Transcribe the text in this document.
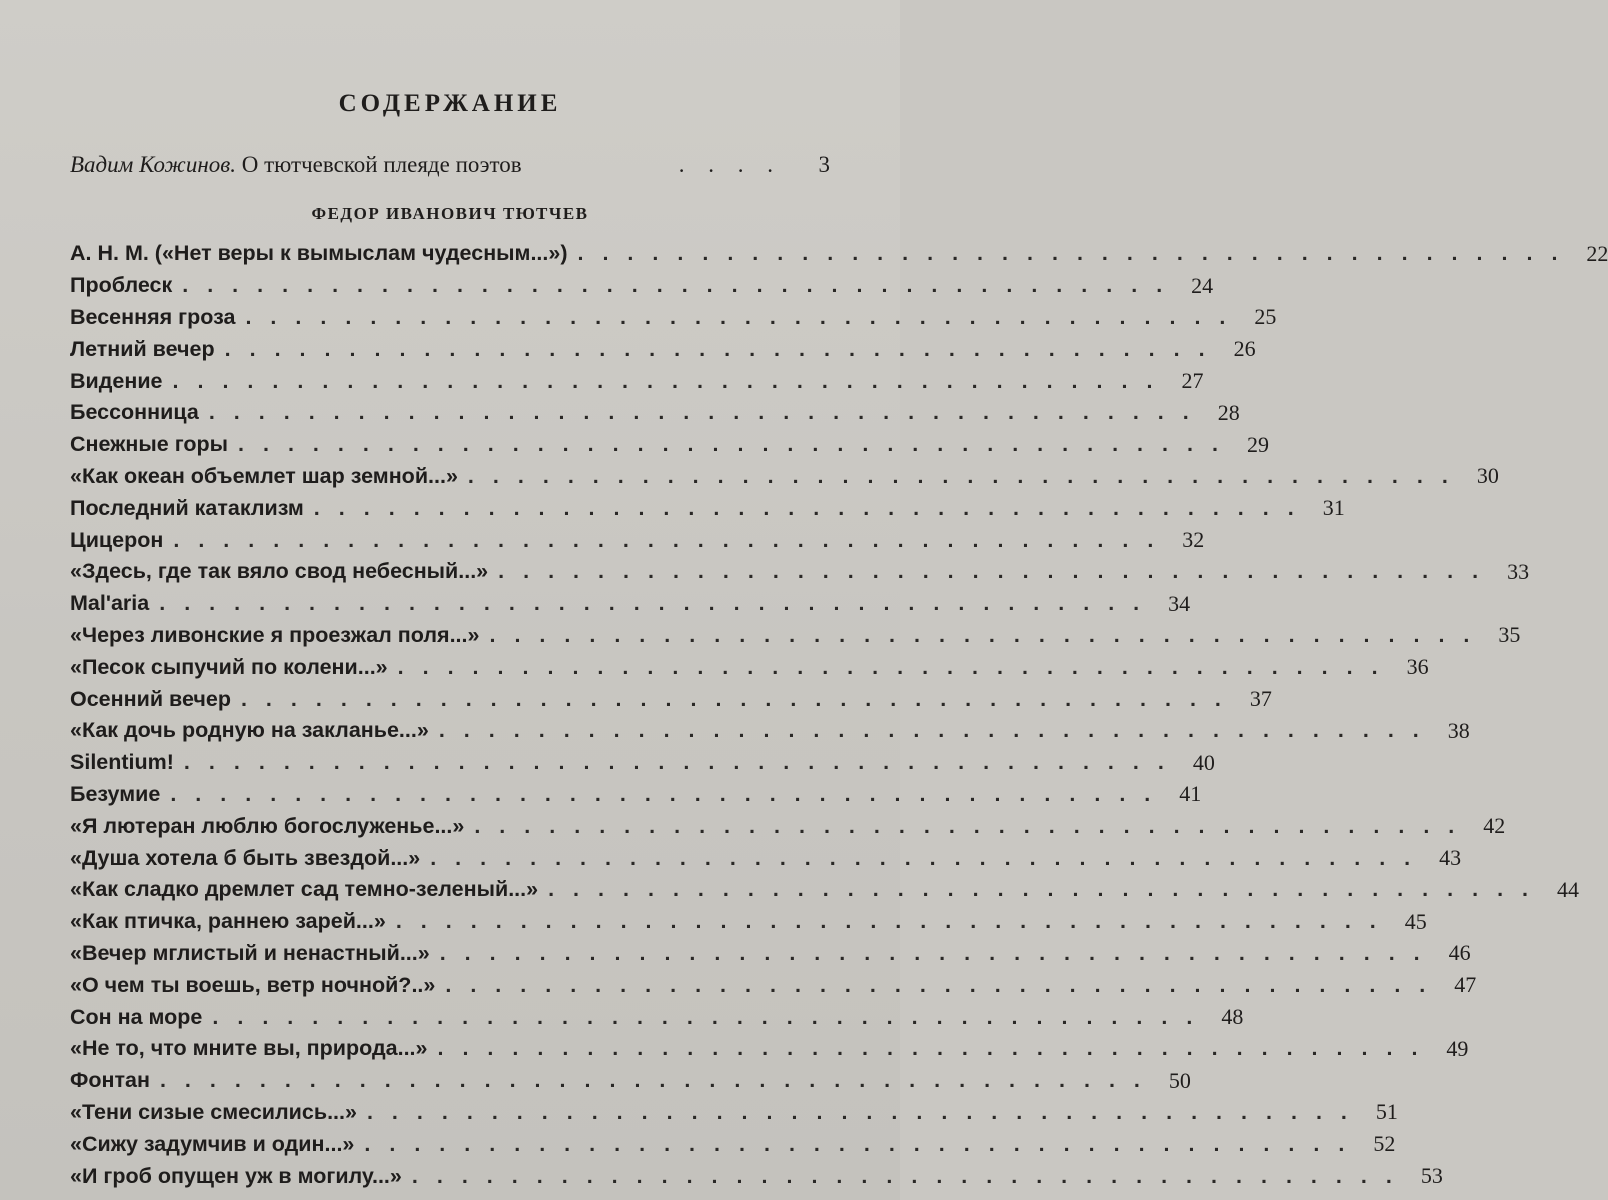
СОДЕРЖАНИЕ
Вадим Кожинов.
О тютчевской плеяде поэтов	. . . .	3
ФЕДОР ИВАНОВИЧ ТЮТЧЕВ
А. Н. М. («Нет веры к вымыслам чудесным...») ........................................ 22
Проблеск ........................................ 24
Весенняя гроза ........................................ 25
Летний вечер ........................................ 26
Видение ........................................ 27
Бессонница ........................................ 28
Снежные горы ........................................ 29
«Как океан объемлет шар земной...» ........................................ 30
Последний катаклизм ........................................ 31
Цицерон ........................................ 32
«Здесь, где так вяло свод небесный...» ........................................ 33
Mal'aria ........................................ 34
«Через ливонские я проезжал поля...» ........................................ 35
«Песок сыпучий по колени...» ........................................ 36
Осенний вечер ........................................ 37
«Как дочь родную на закланье...» ........................................ 38
Silentium! ........................................ 40
Безумие ........................................ 41
«Я лютеран люблю богослуженье...» ........................................ 42
«Душа хотела б быть звездой...» ........................................ 43
«Как сладко дремлет сад темно-зеленый...» ........................................ 44
«Как птичка, раннею зарей...» ........................................ 45
«Вечер мглистый и ненастный...» ........................................ 46
«О чем ты воешь, ветр ночной?..» ........................................ 47
Сон на море ........................................ 48
«Не то, что мните вы, природа...» ........................................ 49
Фонтан ........................................ 50
«Тени сизые смесились...» ........................................ 51
«Сижу задумчив и один...» ........................................ 52
«И гроб опущен уж в могилу...» ........................................ 53
